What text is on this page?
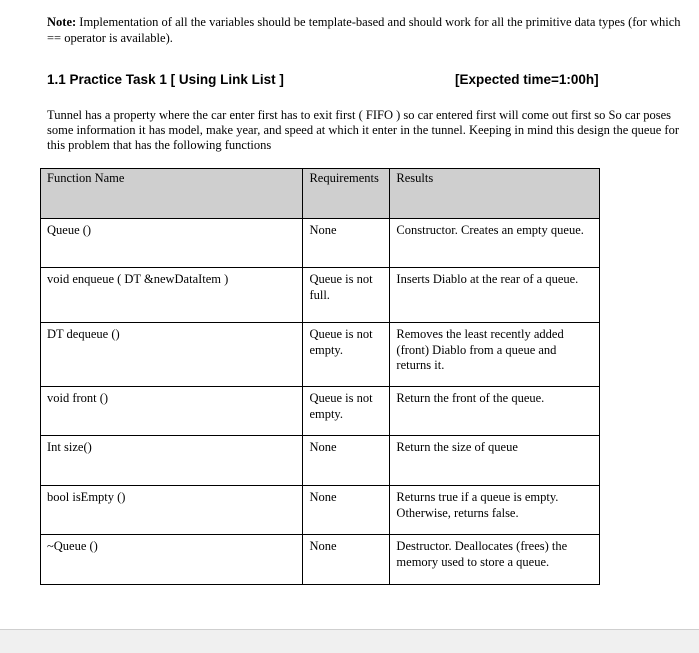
Note: Implementation of all the variables should be template-based and should work for all the primitive data types (for which == operator is available).
1.1 Practice Task 1 [ Using Link List ]	[Expected time=1:00h]
Tunnel has a property where the car enter first has to exit first ( FIFO ) so car entered first will come out first so So car poses some information it has model, make year, and speed at which it enter in the tunnel. Keeping in mind this design the queue for this problem that has the following functions
Function Name	Requirements	Results
Queue ()	None	Constructor. Creates an empty queue.
void enqueue ( DT &newDataItem )	Queue is not full.	Inserts Diablo at the rear of a queue.
DT dequeue ()	Queue is not empty.	Removes the least recently added (front) Diablo from a queue and returns it.
void front ()	Queue is not empty.	Return the front of the queue.
Int size()	None	Return the size of queue
bool isEmpty ()	None	Returns true if a queue is empty. Otherwise, returns false.
~Queue ()	None	Destructor. Deallocates (frees) the memory used to store a queue.
